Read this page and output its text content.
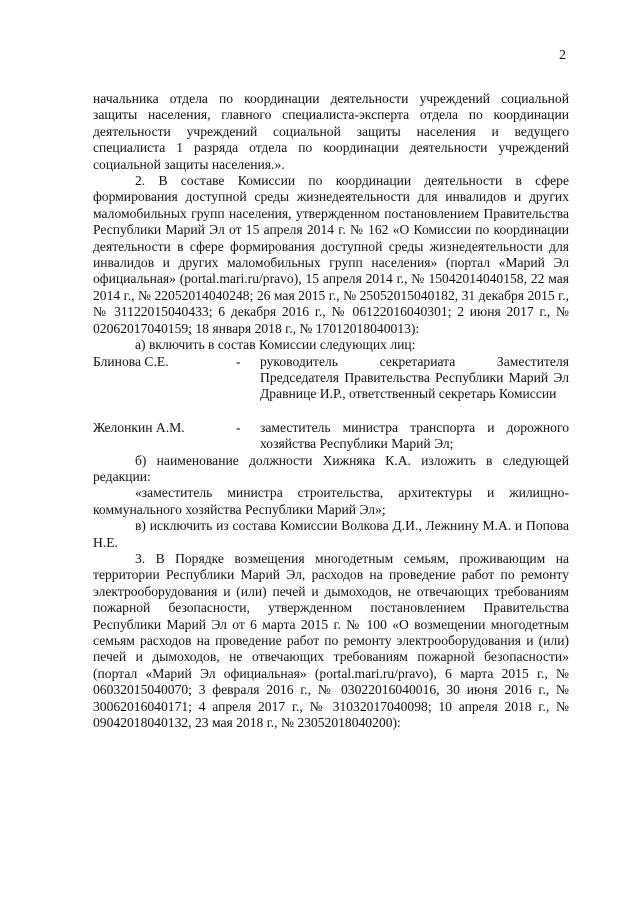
2

начальника отдела по координации деятельности учреждений социальной защиты населения, главного специалиста-эксперта отдела по координации деятельности учреждений социальной защиты населения и ведущего специалиста 1 разряда отдела по координации деятельности учреждений социальной защиты населения.».

2. В составе Комиссии по координации деятельности в сфере формирования доступной среды жизнедеятельности для инвалидов и других маломобильных групп населения, утвержденном постановлением Правительства Республики Марий Эл от 15 апреля 2014 г. № 162 «О Комиссии по координации деятельности в сфере формирования доступной среды жизнедеятельности для инвалидов и других маломобильных групп населения» (портал «Марий Эл официальная» (portal.mari.ru/pravo), 15 апреля 2014 г., № 15042014040158, 22 мая 2014 г., № 22052014040248; 26 мая 2015 г., № 25052015040182, 31 декабря 2015 г., № 31122015040433; 6 декабря 2016 г., № 06122016040301; 2 июня 2017 г., № 02062017040159; 18 января 2018 г., № 17012018040013):

а) включить в состав Комиссии следующих лиц:

Блинова С.Е.	-	руководитель секретариата Заместителя Председателя Правительства Республики Марий Эл Дравнице И.Р., ответственный секретарь Комиссии
Желонкин А.М.	-	заместитель министра транспорта и дорожного хозяйства Республики Марий Эл;

б) наименование должности Хижняка К.А. изложить в следующей редакции:

«заместитель министра строительства, архитектуры и жилищно-коммунального хозяйства Республики Марий Эл»;

в) исключить из состава Комиссии Волкова Д.И., Лежнину М.А. и Попова Н.Е.

3. В Порядке возмещения многодетным семьям, проживающим на территории Республики Марий Эл, расходов на проведение работ по ремонту электрооборудования и (или) печей и дымоходов, не отвечающих требованиям пожарной безопасности, утвержденном постановлением Правительства Республики Марий Эл от 6 марта 2015 г. № 100 «О возмещении многодетным семьям расходов на проведение работ по ремонту электрооборудования и (или) печей и дымоходов, не отвечающих требованиям пожарной безопасности» (портал «Марий Эл официальная» (portal.mari.ru/pravo), 6 марта 2015 г., № 06032015040070; 3 февраля 2016 г., № 03022016040016, 30 июня 2016 г., № 30062016040171; 4 апреля 2017 г., № 31032017040098; 10 апреля 2018 г., № 09042018040132, 23 мая 2018 г., № 23052018040200):
